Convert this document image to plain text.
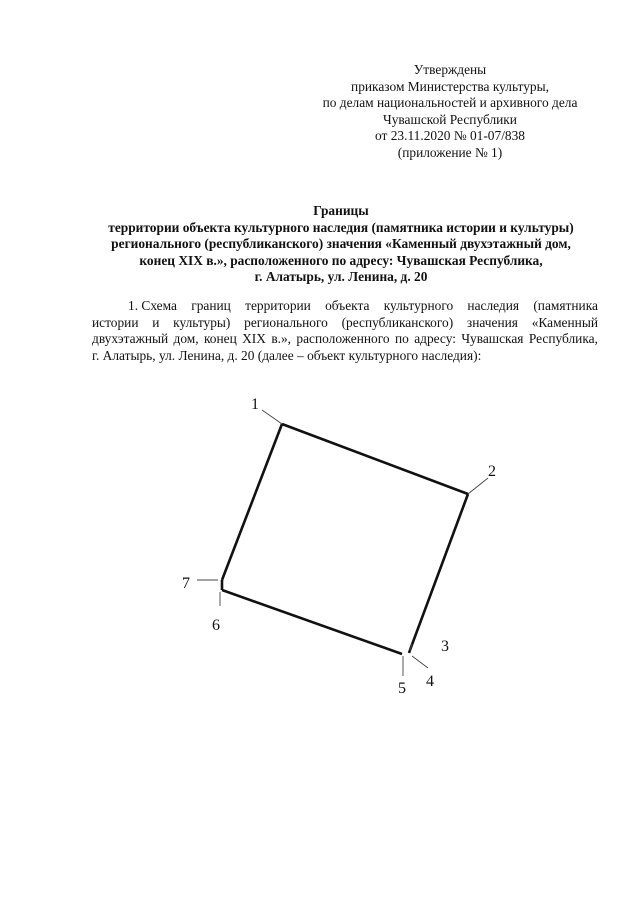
Утверждены
приказом Министерства культуры,
по делам национальностей и архивного дела
Чувашской Республики
от 23.11.2020 № 01-07/838
(приложение № 1)
Границы
территории объекта культурного наследия (памятника истории и культуры)
регионального (республиканского) значения «Каменный двухэтажный дом,
конец XIX в.», расположенного по адресу: Чувашская Республика,
г. Алатырь, ул. Ленина, д. 20
1. Схема границ территории объекта культурного наследия (памятника
истории и культуры) регионального (республиканского) значения «Каменный
двухэтажный дом, конец XIX в.», расположенного по адресу: Чувашская Республика,
г. Алатырь, ул. Ленина, д. 20 (далее – объект культурного наследия):
1
2
3
4
5
6
7
